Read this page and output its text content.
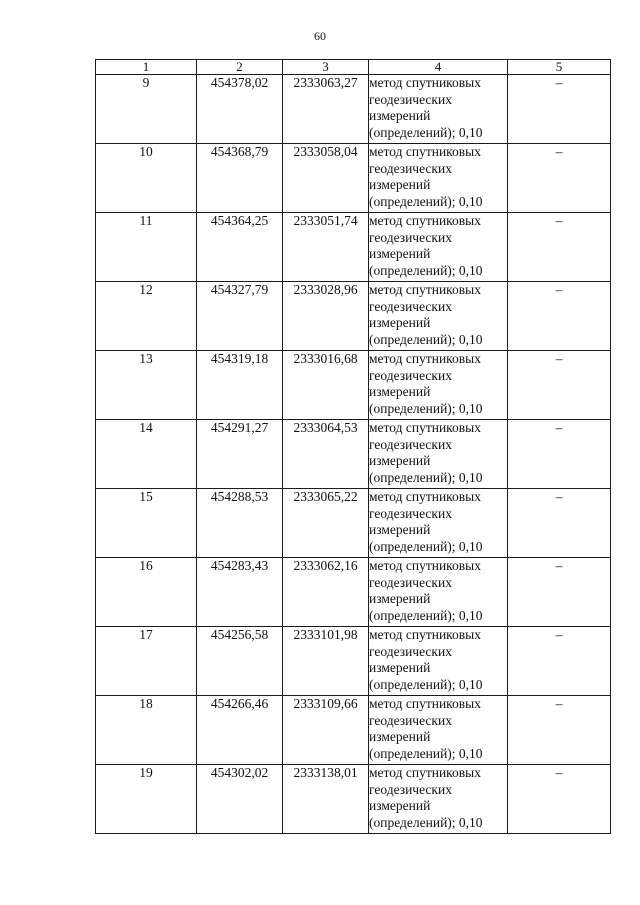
60
1	2	3	4	5
9	454378,02	2333063,27	метод спутниковых
геодезических
измерений
(определений); 0,10	–
10	454368,79	2333058,04	метод спутниковых
геодезических
измерений
(определений); 0,10	–
11	454364,25	2333051,74	метод спутниковых
геодезических
измерений
(определений); 0,10	–
12	454327,79	2333028,96	метод спутниковых
геодезических
измерений
(определений); 0,10	–
13	454319,18	2333016,68	метод спутниковых
геодезических
измерений
(определений); 0,10	–
14	454291,27	2333064,53	метод спутниковых
геодезических
измерений
(определений); 0,10	–
15	454288,53	2333065,22	метод спутниковых
геодезических
измерений
(определений); 0,10	–
16	454283,43	2333062,16	метод спутниковых
геодезических
измерений
(определений); 0,10	–
17	454256,58	2333101,98	метод спутниковых
геодезических
измерений
(определений); 0,10	–
18	454266,46	2333109,66	метод спутниковых
геодезических
измерений
(определений); 0,10	–
19	454302,02	2333138,01	метод спутниковых
геодезических
измерений
(определений); 0,10	–
